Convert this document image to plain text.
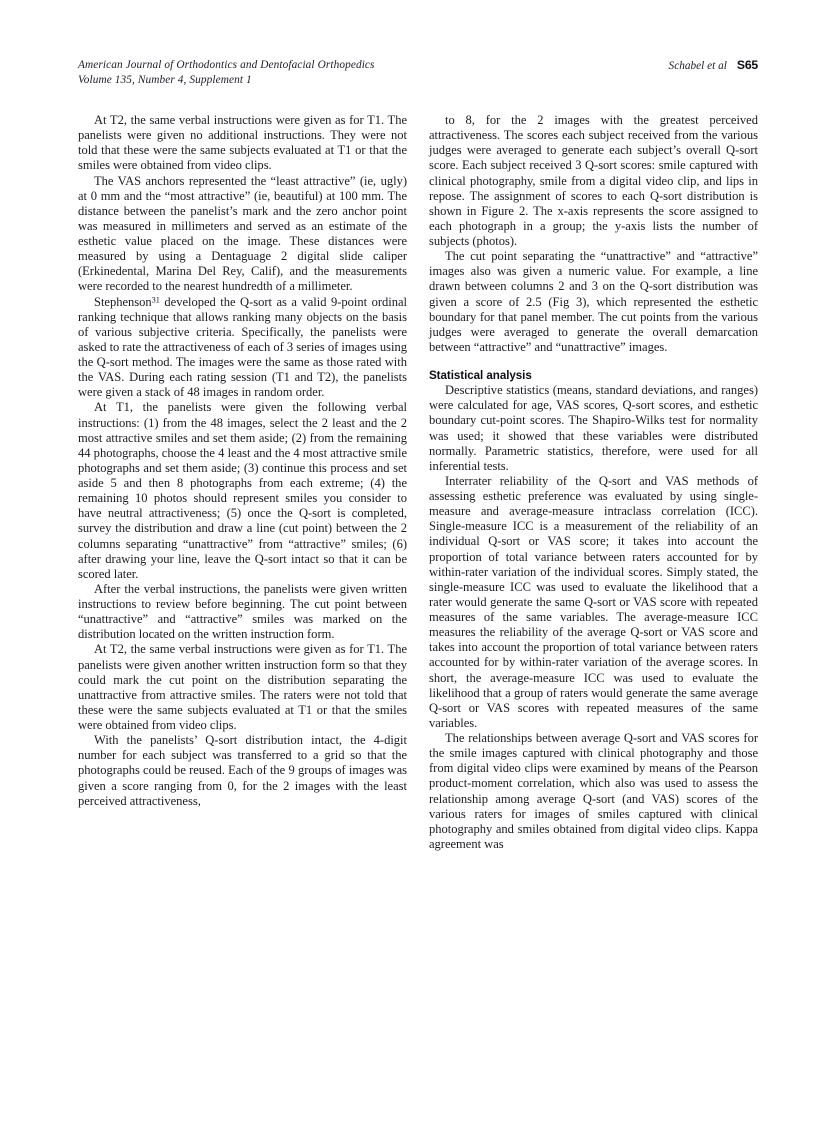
American Journal of Orthodontics and Dentofacial Orthopedics
Volume 135, Number 4, Supplement 1
Schabel et al S65

At T2, the same verbal instructions were given as for T1. The panelists were given no additional instructions. They were not told that these were the same subjects evaluated at T1 or that the smiles were obtained from video clips.

The VAS anchors represented the “least attractive” (ie, ugly) at 0 mm and the “most attractive” (ie, beautiful) at 100 mm. The distance between the panelist’s mark and the zero anchor point was measured in millimeters and served as an estimate of the esthetic value placed on the image. These distances were measured by using a Dentaguage 2 digital slide caliper (Erkinedental, Marina Del Rey, Calif), and the measurements were recorded to the nearest hundredth of a millimeter.

Stephenson$^{31}$ developed the Q-sort as a valid 9-point ordinal ranking technique that allows ranking many objects on the basis of various subjective criteria. Specifically, the panelists were asked to rate the attractiveness of each of 3 series of images using the Q-sort method. The images were the same as those rated with the VAS. During each rating session (T1 and T2), the panelists were given a stack of 48 images in random order.

At T1, the panelists were given the following verbal instructions: (1) from the 48 images, select the 2 least and the 2 most attractive smiles and set them aside; (2) from the remaining 44 photographs, choose the 4 least and the 4 most attractive smile photographs and set them aside; (3) continue this process and set aside 5 and then 8 photographs from each extreme; (4) the remaining 10 photos should represent smiles you consider to have neutral attractiveness; (5) once the Q-sort is completed, survey the distribution and draw a line (cut point) between the 2 columns separating “unattractive” from “attractive” smiles; (6) after drawing your line, leave the Q-sort intact so that it can be scored later.

After the verbal instructions, the panelists were given written instructions to review before beginning. The cut point between “unattractive” and “attractive” smiles was marked on the distribution located on the written instruction form.

At T2, the same verbal instructions were given as for T1. The panelists were given another written instruction form so that they could mark the cut point on the distribution separating the unattractive from attractive smiles. The raters were not told that these were the same subjects evaluated at T1 or that the smiles were obtained from video clips.

With the panelists’ Q-sort distribution intact, the 4-digit number for each subject was transferred to a grid so that the photographs could be reused. Each of the 9 groups of images was given a score ranging from 0, for the 2 images with the least perceived attractiveness,

to 8, for the 2 images with the greatest perceived attractiveness. The scores each subject received from the various judges were averaged to generate each subject’s overall Q-sort score. Each subject received 3 Q-sort scores: smile captured with clinical photography, smile from a digital video clip, and lips in repose. The assignment of scores to each Q-sort distribution is shown in Figure 2. The x-axis represents the score assigned to each photograph in a group; the y-axis lists the number of subjects (photos).

The cut point separating the “unattractive” and “attractive” images also was given a numeric value. For example, a line drawn between columns 2 and 3 on the Q-sort distribution was given a score of 2.5 (Fig 3), which represented the esthetic boundary for that panel member. The cut points from the various judges were averaged to generate the overall demarcation between “attractive” and “unattractive” images.

Statistical analysis

Descriptive statistics (means, standard deviations, and ranges) were calculated for age, VAS scores, Q-sort scores, and esthetic boundary cut-point scores. The Shapiro-Wilks test for normality was used; it showed that these variables were distributed normally. Parametric statistics, therefore, were used for all inferential tests.

Interrater reliability of the Q-sort and VAS methods of assessing esthetic preference was evaluated by using single-measure and average-measure intraclass correlation (ICC). Single-measure ICC is a measurement of the reliability of an individual Q-sort or VAS score; it takes into account the proportion of total variance between raters accounted for by within-rater variation of the individual scores. Simply stated, the single-measure ICC was used to evaluate the likelihood that a rater would generate the same Q-sort or VAS score with repeated measures of the same variables. The average-measure ICC measures the reliability of the average Q-sort or VAS score and takes into account the proportion of total variance between raters accounted for by within-rater variation of the average scores. In short, the average-measure ICC was used to evaluate the likelihood that a group of raters would generate the same average Q-sort or VAS scores with repeated measures of the same variables.

The relationships between average Q-sort and VAS scores for the smile images captured with clinical photography and those from digital video clips were examined by means of the Pearson product-moment correlation, which also was used to assess the relationship among average Q-sort (and VAS) scores of the various raters for images of smiles captured with clinical photography and smiles obtained from digital video clips. Kappa agreement was
